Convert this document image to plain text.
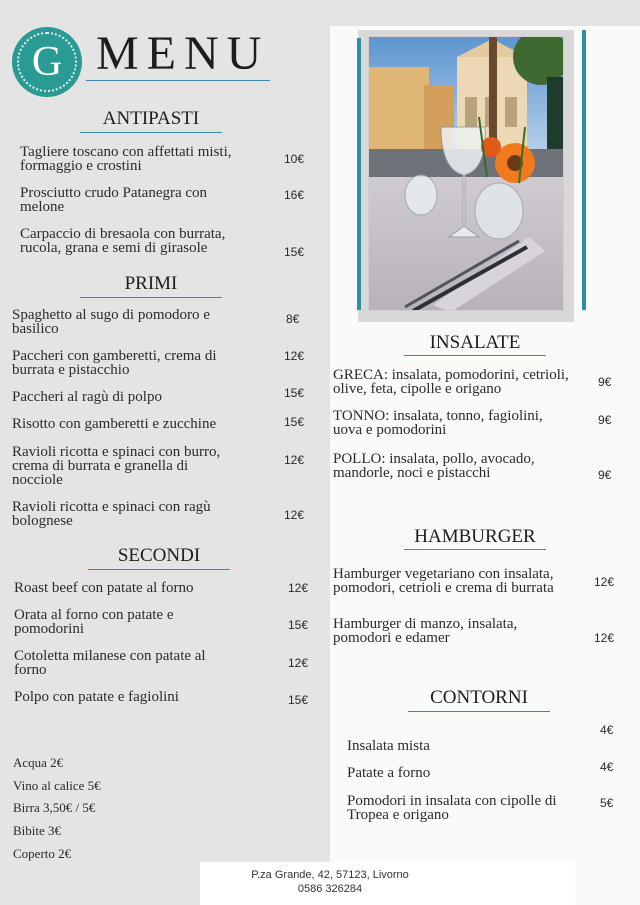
G MENU
ANTIPASTI
Tagliere toscano con affettati misti,
formaggio e crostini	10€
Prosciutto crudo Patanegra con
melone
16€
Carpaccio di bresaola con burrata,
rucola, grana e semi di girasole	15€
PRIMI
Spaghetto al sugo di pomodoro e
basilico
8€
Paccheri con gamberetti, crema di
burrata e pistacchio
12€
Paccheri al ragù di polpo	15€
Risotto con gamberetti e zucchine	15€
Ravioli ricotta e spinaci con burro,
crema di burrata e granella di
nocciole
12€
Ravioli ricotta e spinaci con ragù
bolognese	12€
SECONDI
Roast beef con patate al forno	12€
Orata al forno con patate e
pomodorini	15€
Cotoletta milanese con patate al
forno	12€
Polpo con patate e fagiolini	15€
Acqua 2€
Vino al calice 5€
Birra 3,50€ / 5€
Bibite 3€
Coperto 2€
INSALATE
GRECA: insalata, pomodorini, cetrioli,
olive, feta, cipolle e origano	9€
TONNO: insalata, tonno, fagiolini,
uova e pomodorini
9€
POLLO: insalata, pollo, avocado,
mandorle, noci e pistacchi	9€
HAMBURGER
Hamburger vegetariano con insalata,
pomodori, cetrioli e crema di burrata	12€
Hamburger di manzo, insalata,
pomodori e edamer	12€
CONTORNI
Insalata mista
4€
Patate a forno	4€
Pomodori in insalata con cipolle di
Tropea e origano
5€
P.za Grande, 42, 57123, Livorno
0586 326284
